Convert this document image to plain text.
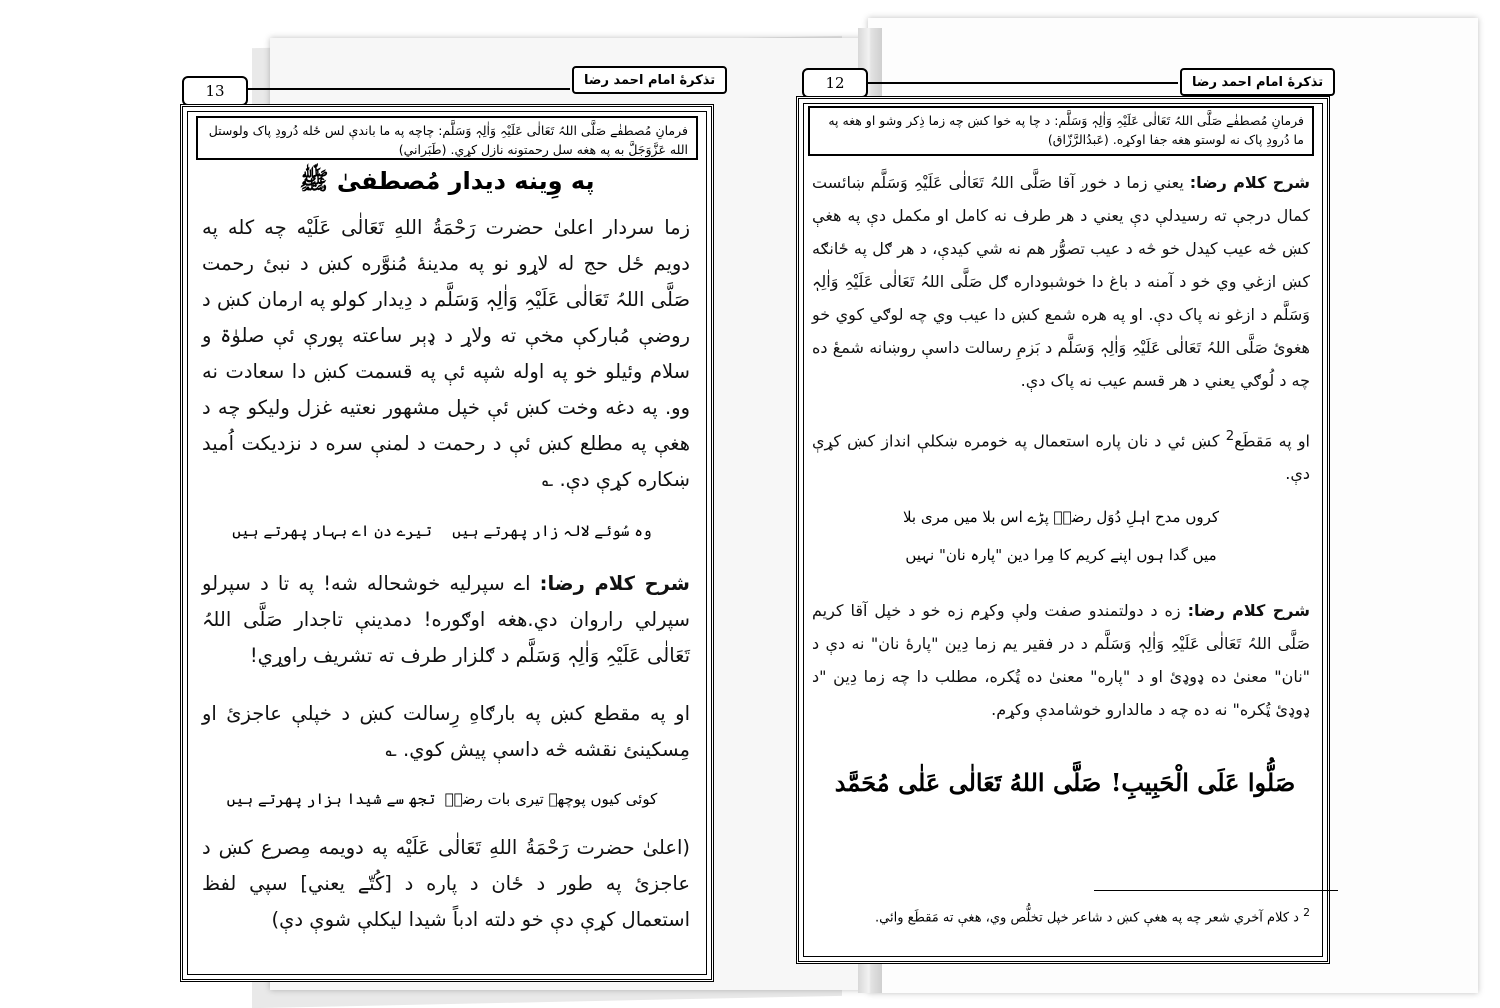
تذکرهٔ امام احمد رضا
13
فرمانِ مُصطفٰے صَلَّی اللہُ تَعَالٰی عَلَیْہِ وَاٰلِہٖ وَسَلَّم: چاچه په ما باندې لس ځله دُرودِ پاک ولوستل الله عَزَّوَجَلَّ به په هغه سل رحمتونه نازل کړي. (طَبَراني)
په وِینه دیدار مُصطفیٰ ﷺ

زما سردار اعلیٰ حضرت رَحْمَةُ اللهِ تَعَالٰی عَلَيْه چه کله په دویم ځل حج له لاړو نو په مدینهٔ مُنوَّره کښ د نبیٔ رحمت صَلَّی اللہُ تَعَالٰی عَلَیْہِ وَاٰلِہٖ وَسَلَّم د دِیدار کولو په ارمان کښ د روضې مُبارکې مخې ته ولاړ د ډېر ساعته پورې ئې صلوٰۃ و سلام وئیلو خو په اوله شپه ئې په قسمت کښ دا سعادت نه وو. په دغه وخت کښ ئې خپل مشهور نعتیه غزل ولیکو چه د هغې په مطلع کښ ئې د رحمت د لمنې سره د نزدیکت اُمید ښکاره کړې دې. ؎

وہ سُوئے لالہ زار پھرتے ہیں
تیرے دن اے بہار پھرتے ہیں

شرح کلام رضا: اے سپرلیه خوشحاله شه! په تا د سپرلو سپرلي راروان دي.هغه اوګوره! دمدینې تاجدار صَلَّی اللہُ تَعَالٰی عَلَیْہِ وَاٰلِہٖ وَسَلَّم د ګلزار طرف ته تشریف راوړي!

او په مقطع کښ په بارګاهِ رِسالت کښ د خپلې عاجزئ او مِسکینئ نقشه څه داسې پیش کوي. ؎

کوئی کیوں پوچھے تیری بات رضاؔ
تجھ سے شیدا ہزار پھرتے ہیں

(اعلیٰ حضرت رَحْمَةُ اللهِ تَعَالٰی عَلَيْه په دویمه مِصرع کښ د عاجزئ په طور د ځان د پاره د [کُتّے یعني] سپي لفظ استعمال کړې دې خو دلته ادباً شیدا لیکلې شوې دې)

تذکرهٔ امام احمد رضا
12
فرمانِ مُصطفٰے صَلَّی اللہُ تَعَالٰی عَلَیْہِ وَاٰلِہٖ وَسَلَّم: د چا په خوا کښ چه زما ذِکر وشو او هغه په ما دُرودِ پاک نه لوستو هغه جفا اوکړه. (عَبدُالرَّزّاق)

شرح کلام رضا: یعني زما د خوږ آقا صَلَّی اللہُ تَعَالٰی عَلَیْہِ وَسَلَّم ښائست کمال درجې ته رسیدلې دې یعني د هر طرف نه کامل او مکمل دې په هغې کښ څه عیب کیدل خو څه د عیب تصوُّر هم نه شي کیدې، د هر ګل په ځانګه کښ ازغي وي خو د آمنه د باغ دا خوشبوداره ګل صَلَّی اللہُ تَعَالٰی عَلَیْہِ وَاٰلِہٖ وَسَلَّم د ازغو نه پاک دې. او په هره شمع کښ دا عیب وي چه لوګي کوي خو هغوئ صَلَّی اللہُ تَعَالٰی عَلَیْہِ وَاٰلِہٖ وَسَلَّم د بَزمِ رسالت داسې روښانه شمعٔ ده چه د لُوګي یعني د هر قسم عیب نه پاک دې.

او په مَقطَع$^2$ کښ ئي د نان پاره استعمال په خومره ښکلې انداز کښ کړې دې.

کروں مدح اہلِ دُوَل رضاؔ پڑے اس بلا میں مری بلا
میں گدا ہوں اپنے کریم کا مِرا دین "پارہ نان" نہیں

شرح کلام رضا: زه د دولتمندو صفت ولې وکړم زه خو د خپل آقا کریم صَلَّی اللہُ تَعَالٰی عَلَیْہِ وَاٰلِہٖ وَسَلَّم د در فقیر یم زما دِین "پارهٔ نان" نه دې د "نان" معنیٰ ده ډوډئ او د "پاره" معنیٰ ده ټُکره، مطلب دا چه زما دِین "د ډوډئ ټُکره" نه ده چه د مالدارو خوشامدې وکړم.

صَلُّوا عَلَى الْحَبِيبِ!
صَلَّى اللهُ تَعَالٰى عَلٰى مُحَمَّد
$^2$ د کلام آخري شعر چه په هغې کښ د شاعر خپل تخلُّص وي، هغې ته مَقطَع وائي.
